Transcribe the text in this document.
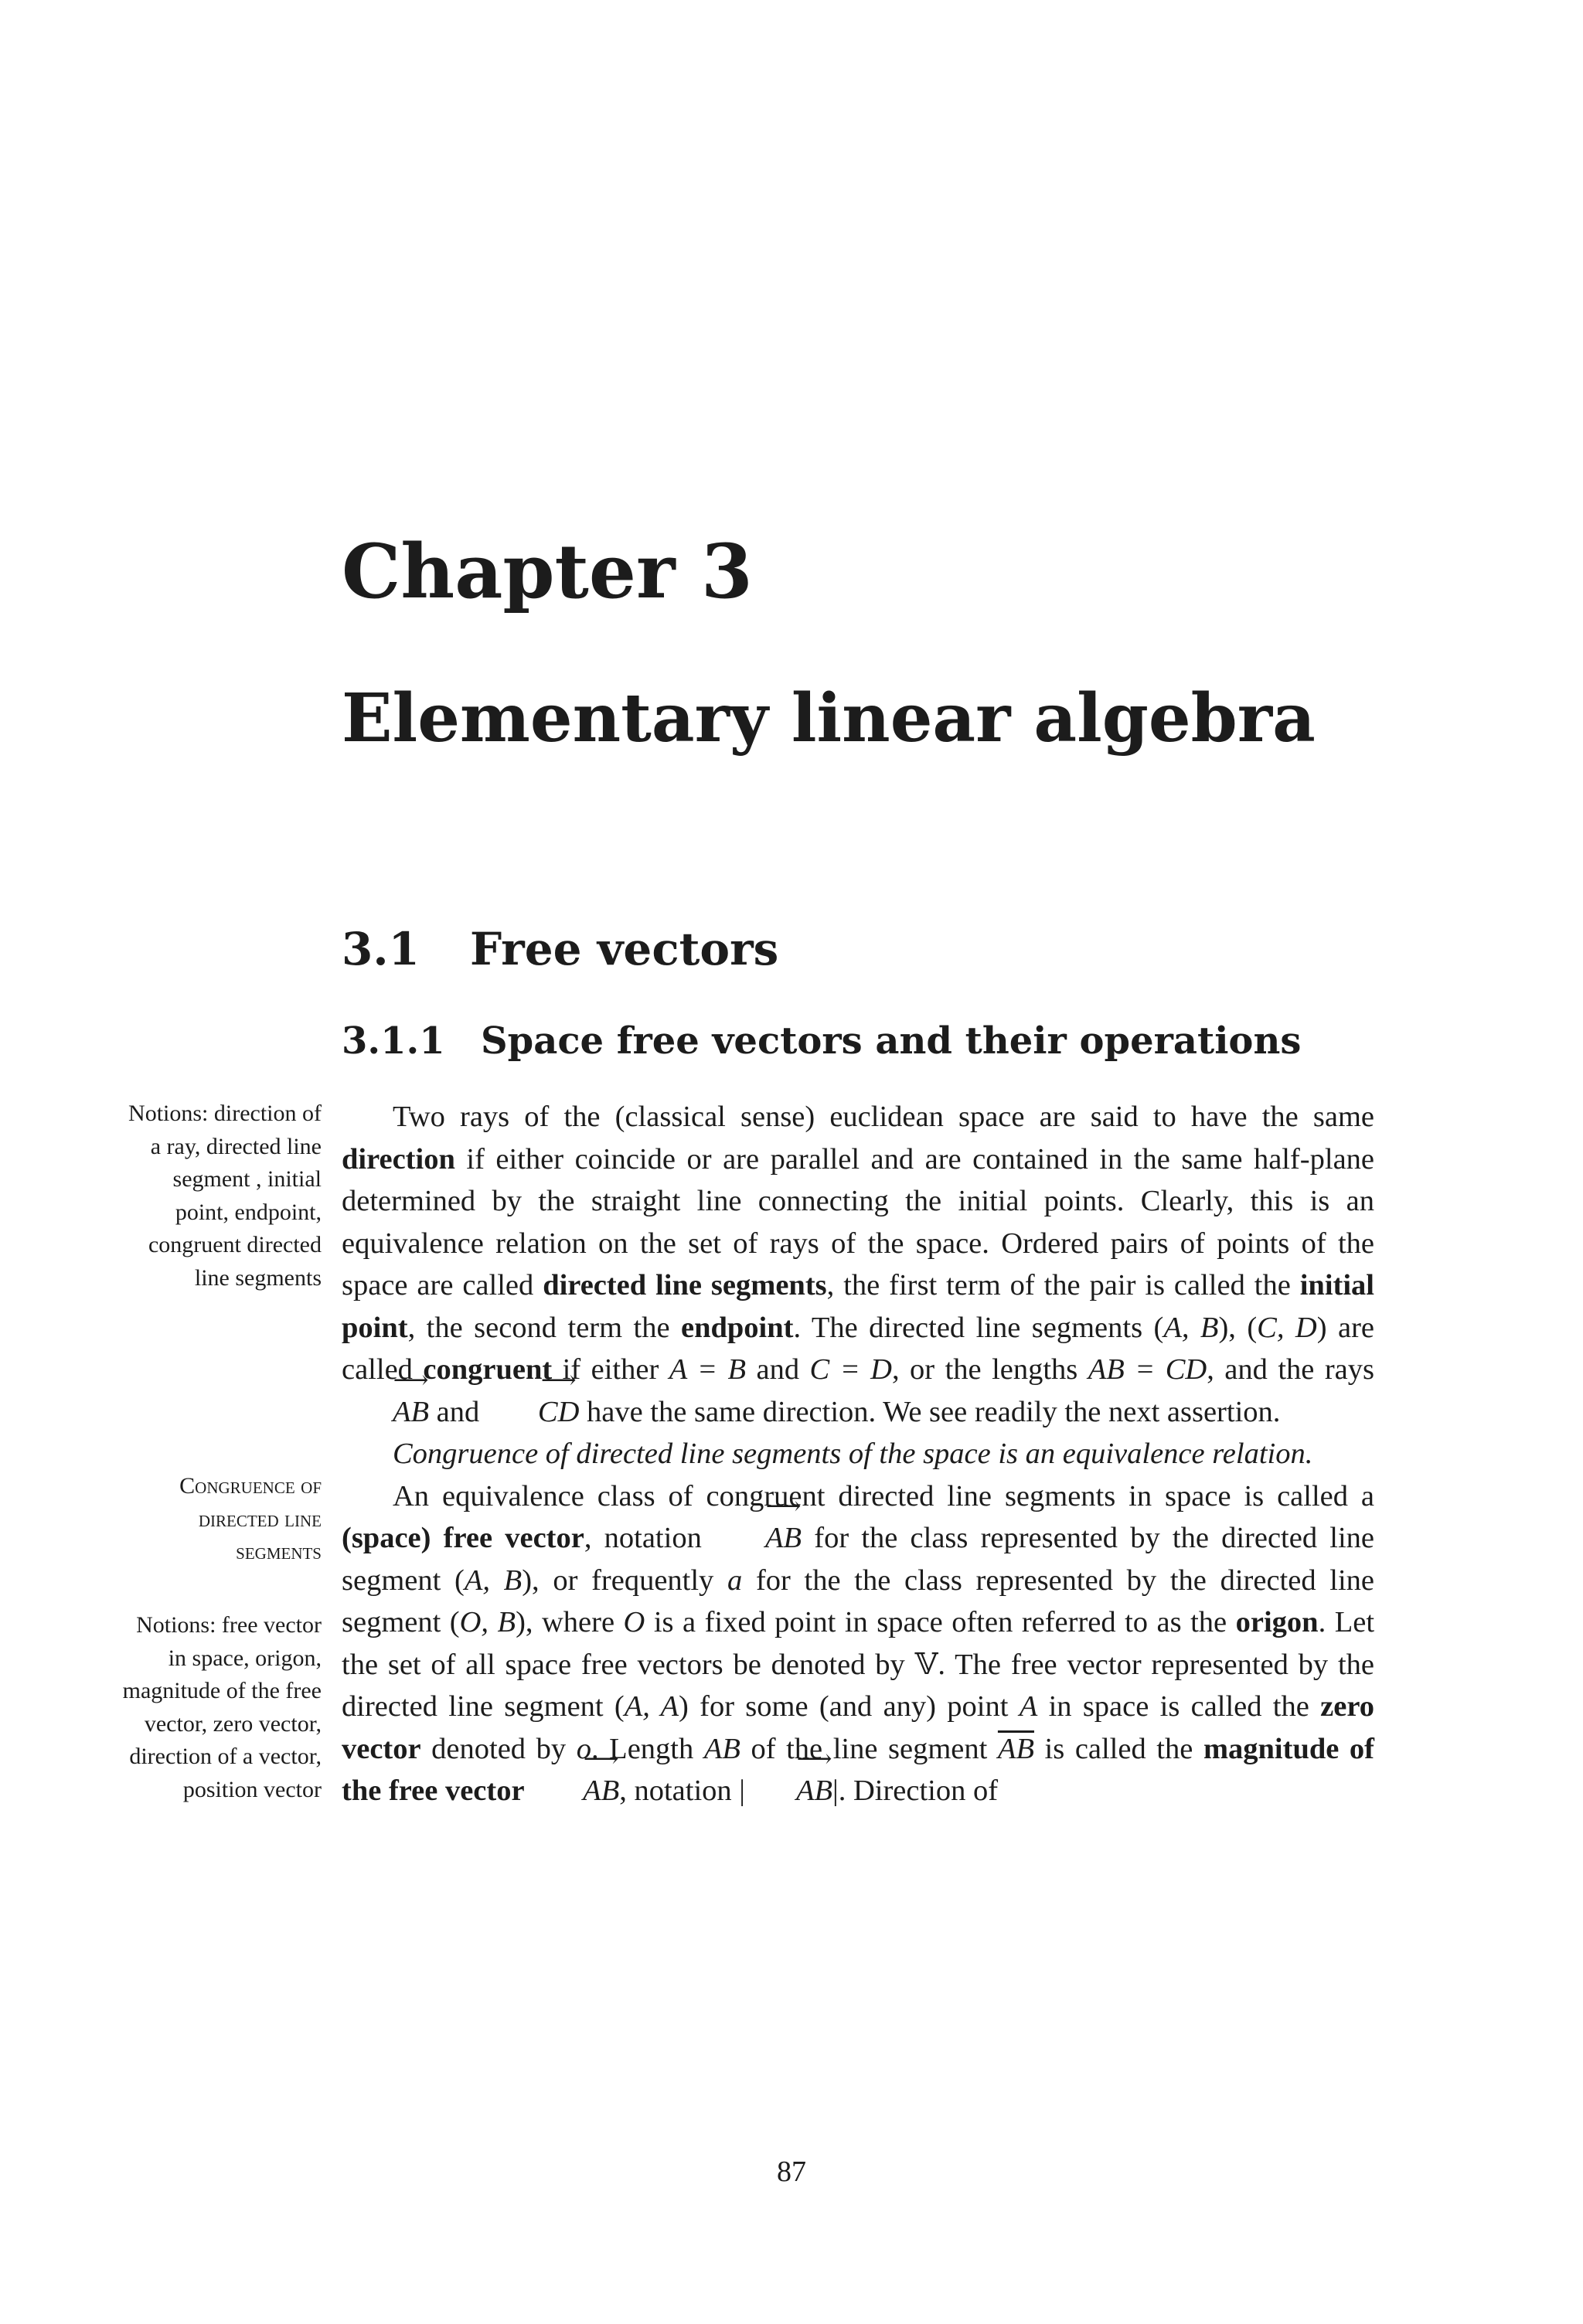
Chapter 3
Elementary linear algebra
3.1 Free vectors
3.1.1 Space free vectors and their operations
Notions: direction of a ray, directed line segment , initial point, endpoint, congruent directed line segments
Congruence of directed line segments
Notions: free vector in space, origon, magnitude of the free vector, zero vector, direction of a vector, position vector

Two rays of the (classical sense) euclidean space are said to have the same direction if either coincide or are parallel and are contained in the same half-plane determined by the straight line connecting the initial points. Clearly, this is an equivalence relation on the set of rays of the space. Ordered pairs of points of the space are called directed line segments, the first term of the pair is called the initial point, the second term the endpoint. The directed line segments (A, B), (C, D) are called congruent if either A = B and C = D, or the lengths AB = CD, and the rays ⟶ AB and ⟶ CD have the same direction. We see readily the next assertion.

Congruence of directed line segments of the space is an equivalence relation.

An equivalence class of congruent directed line segments in space is called a (space) free vector, notation ⟶ AB for the class represented by the directed line segment (A, B), or frequently a for the the class represented by the directed line segment (O, B), where O is a fixed point in space often referred to as the origon. Let the set of all space free vectors be denoted by 𝕍. The free vector represented by the directed line segment (A, A) for some (and any) point A in space is called the zero vector denoted by o. Length AB of the line segment $\overline{AB}$ is called the magnitude of the free vector ⟶ AB, notation | ⟶ AB|. Direction of

87
